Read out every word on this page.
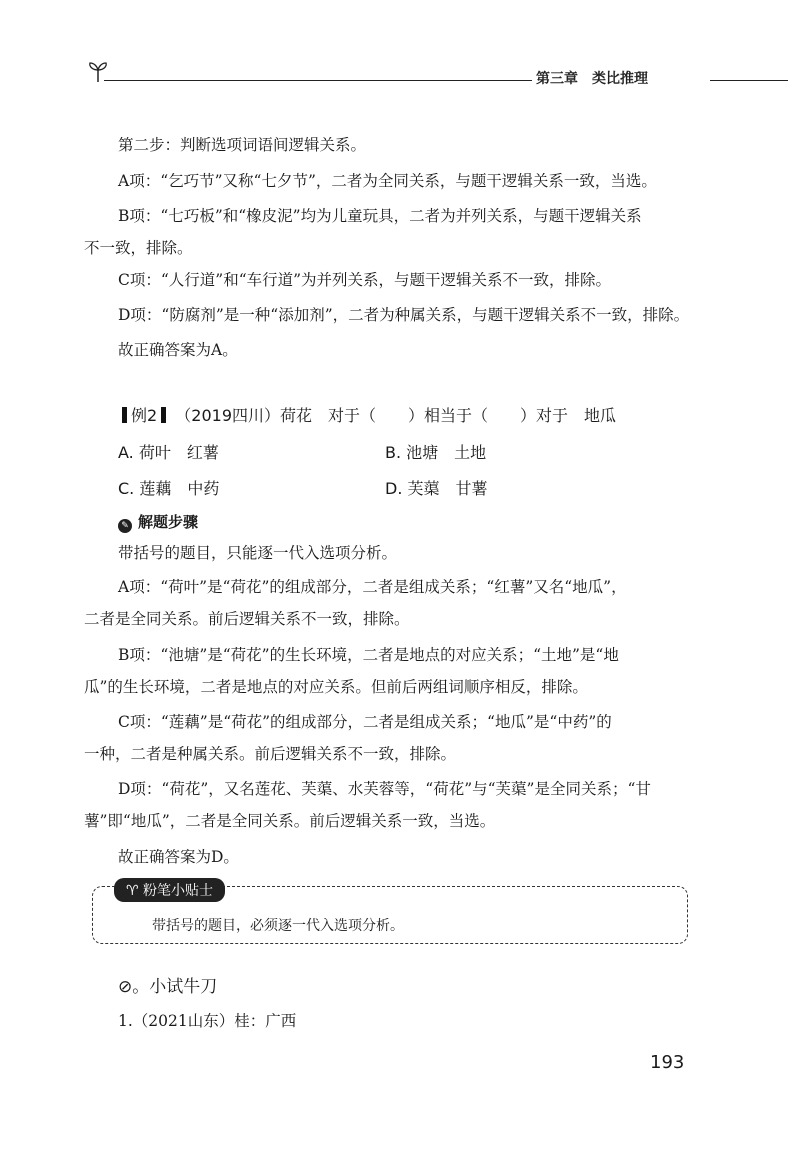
第三章 类比推理
第二步：判断选项词语间逻辑关系。
A项：“乞巧节”又称“七夕节”，二者为全同关系，与题干逻辑关系一致，当选。
B项：“七巧板”和“橡皮泥”均为儿童玩具，二者为并列关系，与题干逻辑关系
不一致，排除。
C项：“人行道”和“车行道”为并列关系，与题干逻辑关系不一致，排除。
D项：“防腐剂”是一种“添加剂”，二者为种属关系，与题干逻辑关系不一致，排除。
故正确答案为A。
例2 （2019四川）荷花　对于（　　）相当于（　　）对于　地瓜
A. 荷叶　红薯	B. 池塘　土地
C. 莲藕　中药	D. 芙蕖　甘薯
✎ 解题步骤
带括号的题目，只能逐一代入选项分析。
A项：“荷叶”是“荷花”的组成部分，二者是组成关系；“红薯”又名“地瓜”，
二者是全同关系。前后逻辑关系不一致，排除。
B项：“池塘”是“荷花”的生长环境，二者是地点的对应关系；“土地”是“地
瓜”的生长环境，二者是地点的对应关系。但前后两组词顺序相反，排除。
C项：“莲藕”是“荷花”的组成部分，二者是组成关系；“地瓜”是“中药”的
一种，二者是种属关系。前后逻辑关系不一致，排除。
D项：“荷花”，又名莲花、芙蕖、水芙蓉等，“荷花”与“芙蕖”是全同关系；“甘
薯”即“地瓜”，二者是全同关系。前后逻辑关系一致，当选。
故正确答案为D。
♈ 粉笔小贴士
带括号的题目，必须逐一代入选项分析。
⊘。小试牛刀
1.（2021山东）桂：广西
193
